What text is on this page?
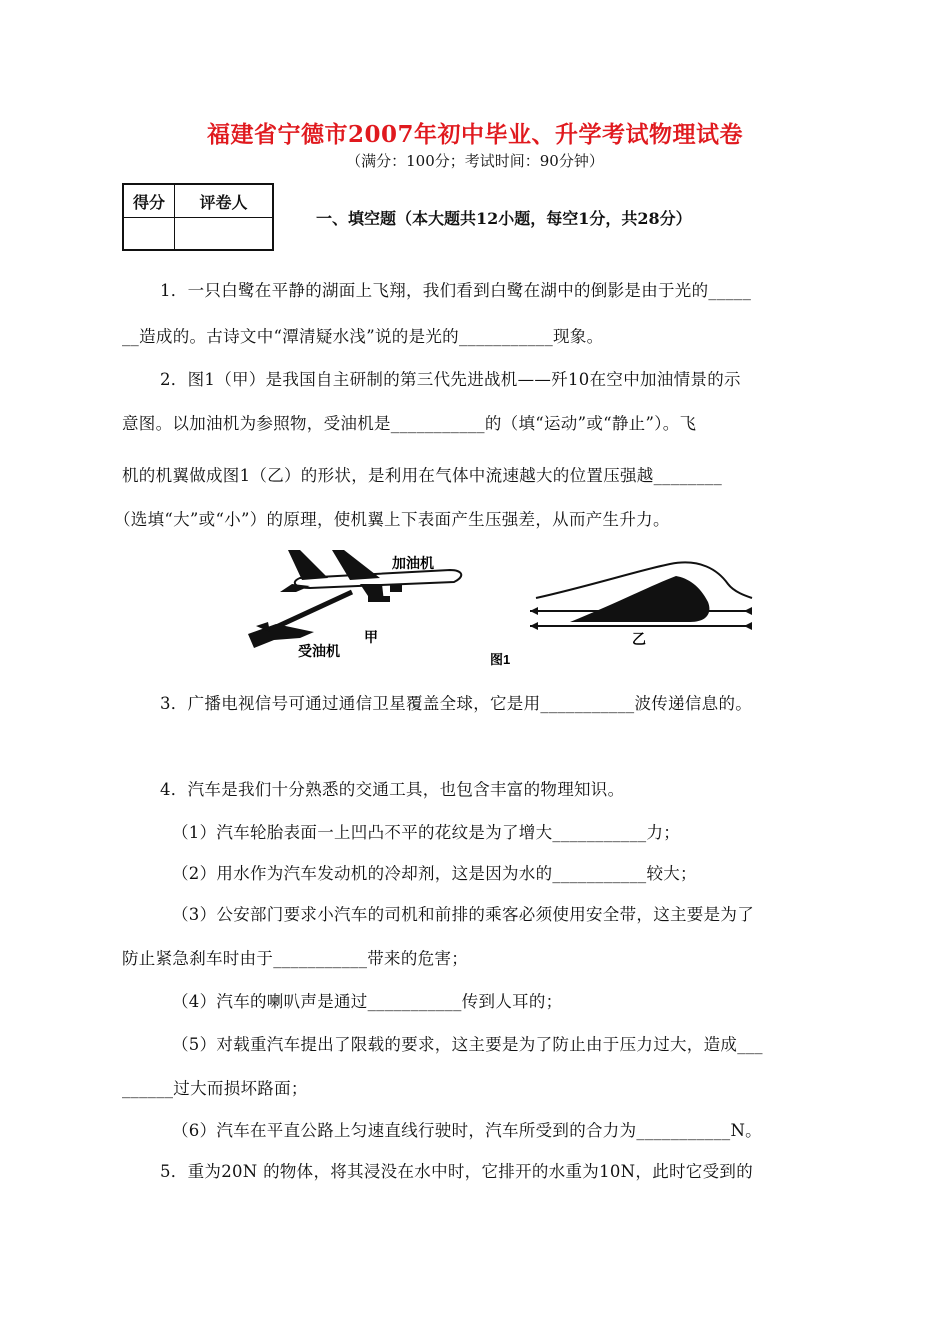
福建省宁德市2007年初中毕业、升学考试物理试卷
（满分：100分；考试时间：90分钟）
得分	评卷人

一、填空题（本大题共12小题，每空1分，共28分）
1．一只白鹭在平静的湖面上飞翔，我们看到白鹭在湖中的倒影是由于光的_____
__造成的。古诗文中“潭清疑水浅”说的是光的___________现象。
2．图1（甲）是我国自主研制的第三代先进战机——歼10在空中加油情景的示
意图。以加油机为参照物，受油机是___________的（填“运动”或“静止”）。飞
机的机翼做成图1（乙）的形状，是利用在气体中流速越大的位置压强越________
（选填“大”或“小”）的原理，使机翼上下表面产生压强差，从而产生升力。
加油机
受油机
甲
图1
乙
3．广播电视信号可通过通信卫星覆盖全球，它是用___________波传递信息的。
4．汽车是我们十分熟悉的交通工具，也包含丰富的物理知识。
（1）汽车轮胎表面一上凹凸不平的花纹是为了增大___________力；
（2）用水作为汽车发动机的冷却剂，这是因为水的___________较大；
（3）公安部门要求小汽车的司机和前排的乘客必须使用安全带，这主要是为了
防止紧急刹车时由于___________带来的危害；
（4）汽车的喇叭声是通过___________传到人耳的；
（5）对载重汽车提出了限载的要求，这主要是为了防止由于压力过大，造成___
______过大而损坏路面；
（6）汽车在平直公路上匀速直线行驶时，汽车所受到的合力为___________N。
5．重为20N 的物体，将其浸没在水中时，它排开的水重为10N，此时它受到的
